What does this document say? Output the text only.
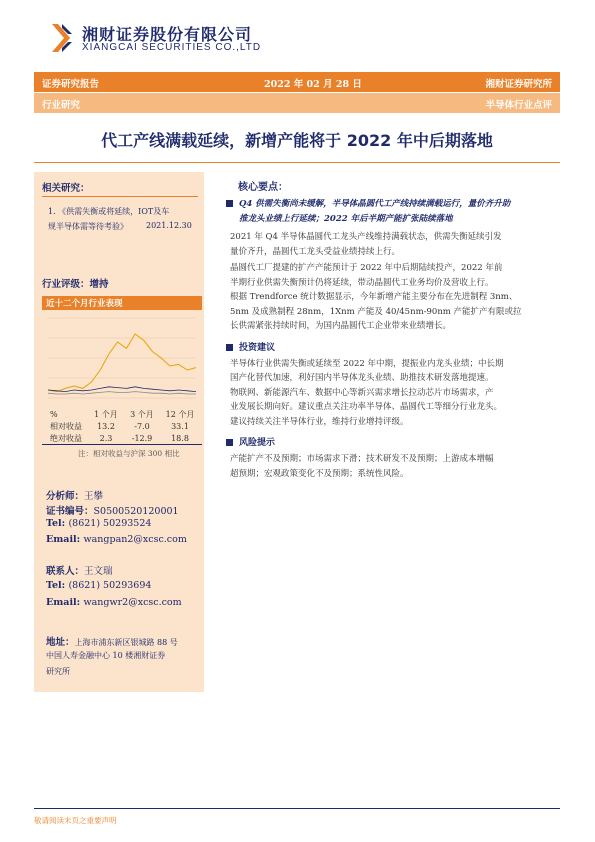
湘财证券股份有限公司
XIANGCAI SECURITIES CO.,LTD
证券研究报告	2022 年 02 月 28 日	湘财证券研究所
行业研究	半导体行业点评
代工产线满载延续，新增产能将于 2022 年中后期落地
相关研究：
1. 《供需失衡或将延续，IOT及车
规半导体需等待考验》 2021.12.30
行业评级：增持
近十二个月行业表现
%	1 个月	3 个月	12 个月
相对收益	13.2	-7.0	33.1
绝对收益	2.3	-12.9	18.8
注：相对收益与沪深 300 相比
分析师：王攀
证书编号：S0500520120001
Tel: (8621) 50293524
Email: wangpan2@xcsc.com
联系人：王文瑞
Tel: (8621) 50293694
Email: wangwr2@xcsc.com
地址：上海市浦东新区银城路 88 号
中国人寿金融中心 10 楼湘财证券
研究所
核心要点：
Q4 供需失衡尚未缓解，半导体晶圆代工产线持续满载运行，量价齐升助
推龙头业绩上行延续；2022 年后半期产能扩张陆续落地
2021 年 Q4 半导体晶圆代工龙头产线维持满载状态，供需失衡延续引发
量价齐升，晶圆代工龙头受益业绩持续上行。
晶圆代工厂提建的扩产产能预计于 2022 年中后期陆续投产，2022 年前
半期行业供需失衡预计仍将延续，带动晶圆代工业务均价及营收上行。
根据 Trendforce 统计数据显示，今年新增产能主要分布在先进制程 3nm、
5nm 及成熟制程 28nm，1Xnm 产能及 40/45nm-90nm 产能扩产有限或拉
长供需紧张持续时间，为国内晶圆代工企业带来业绩增长。
投资建议
半导体行业供需失衡或延续至 2022 年中期，提振业内龙头业绩；中长期
国产化替代加速，利好国内半导体龙头业绩、助推技术研发落地提速。
物联网、新能源汽车、数据中心等新兴需求增长拉动芯片市场需求，产
业发展长期向好。建议重点关注功率半导体、晶圆代工等细分行业龙头。
建议持续关注半导体行业，维持行业增持评级。
风险提示
产能扩产不及预期；市场需求下滑；技术研发不及预期；上游成本增幅
超预期；宏观政策变化不及预期；系统性风险。
敬请阅读末页之重要声明
